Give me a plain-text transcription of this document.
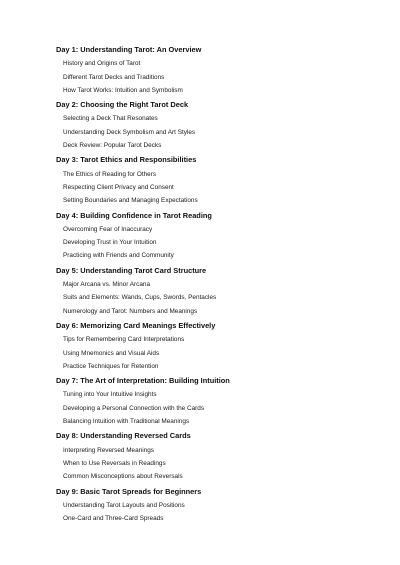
Day 1: Understanding Tarot: An Overview
History and Origins of Tarot
Different Tarot Decks and Traditions
How Tarot Works: Intuition and Symbolism
Day 2: Choosing the Right Tarot Deck
Selecting a Deck That Resonates
Understanding Deck Symbolism and Art Styles
Deck Review: Popular Tarot Decks
Day 3: Tarot Ethics and Responsibilities
The Ethics of Reading for Others
Respecting Client Privacy and Consent
Setting Boundaries and Managing Expectations
Day 4: Building Confidence in Tarot Reading
Overcoming Fear of Inaccuracy
Developing Trust in Your Intuition
Practicing with Friends and Community
Day 5: Understanding Tarot Card Structure
Major Arcana vs. Minor Arcana
Suits and Elements: Wands, Cups, Swords, Pentacles
Numerology and Tarot: Numbers and Meanings
Day 6: Memorizing Card Meanings Effectively
Tips for Remembering Card Interpretations
Using Mnemonics and Visual Aids
Practice Techniques for Retention
Day 7: The Art of Interpretation: Building Intuition
Tuning into Your Intuitive Insights
Developing a Personal Connection with the Cards
Balancing Intuition with Traditional Meanings
Day 8: Understanding Reversed Cards
Interpreting Reversed Meanings
When to Use Reversals in Readings
Common Misconceptions about Reversals
Day 9: Basic Tarot Spreads for Beginners
Understanding Tarot Layouts and Positions
One-Card and Three-Card Spreads
